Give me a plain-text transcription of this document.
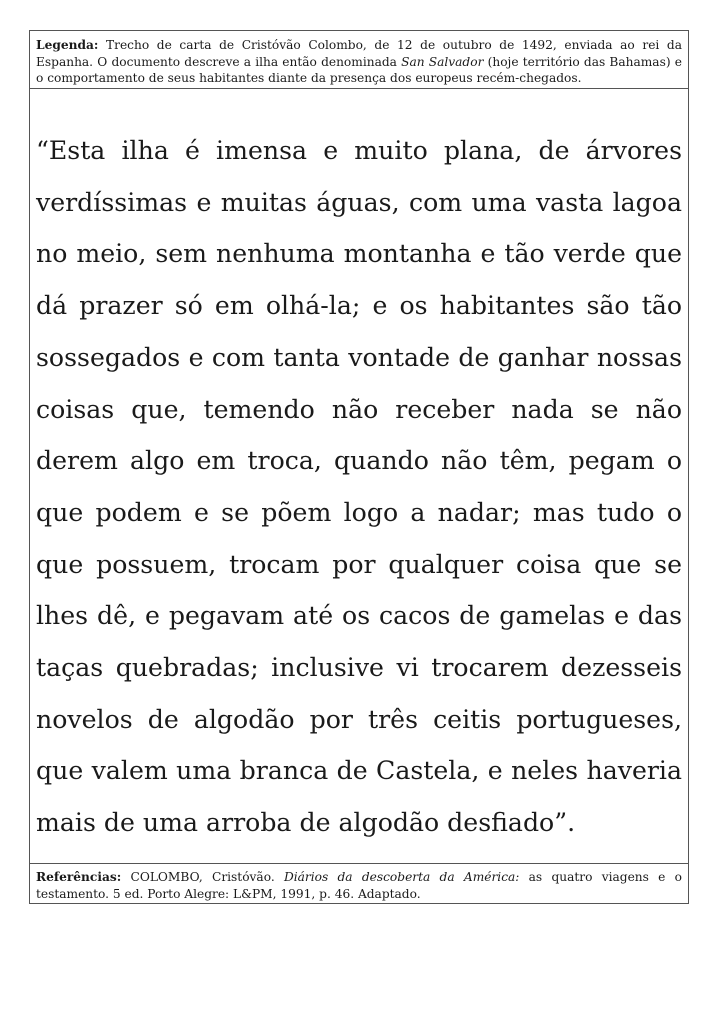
Legenda: Trecho de carta de Cristóvão Colombo, de 12 de outubro de 1492, enviada ao rei da Espanha. O documento descreve a ilha então denominada San Salvador (hoje território das Bahamas) e o comportamento de seus habitantes diante da presença dos europeus recém-chegados.
“Esta ilha é imensa e muito plana, de árvores verdíssimas e muitas águas, com uma vasta lagoa no meio, sem nenhuma montanha e tão verde que dá prazer só em olhá-la; e os habitantes são tão sossegados e com tanta vontade de ganhar nossas coisas que, temendo não receber nada se não derem algo em troca, quando não têm, pegam o que podem e se põem logo a nadar; mas tudo o que possuem, trocam por qualquer coisa que se lhes dê, e pegavam até os cacos de gamelas e das taças quebradas; inclusive vi trocarem dezesseis novelos de algodão por três ceitis portugueses, que valem uma branca de Castela, e neles haveria mais de uma arroba de algodão desfiado”.
Referências: COLOMBO, Cristóvão. Diários da descoberta da América: as quatro viagens e o testamento. 5 ed. Porto Alegre: L&PM, 1991, p. 46. Adaptado.
